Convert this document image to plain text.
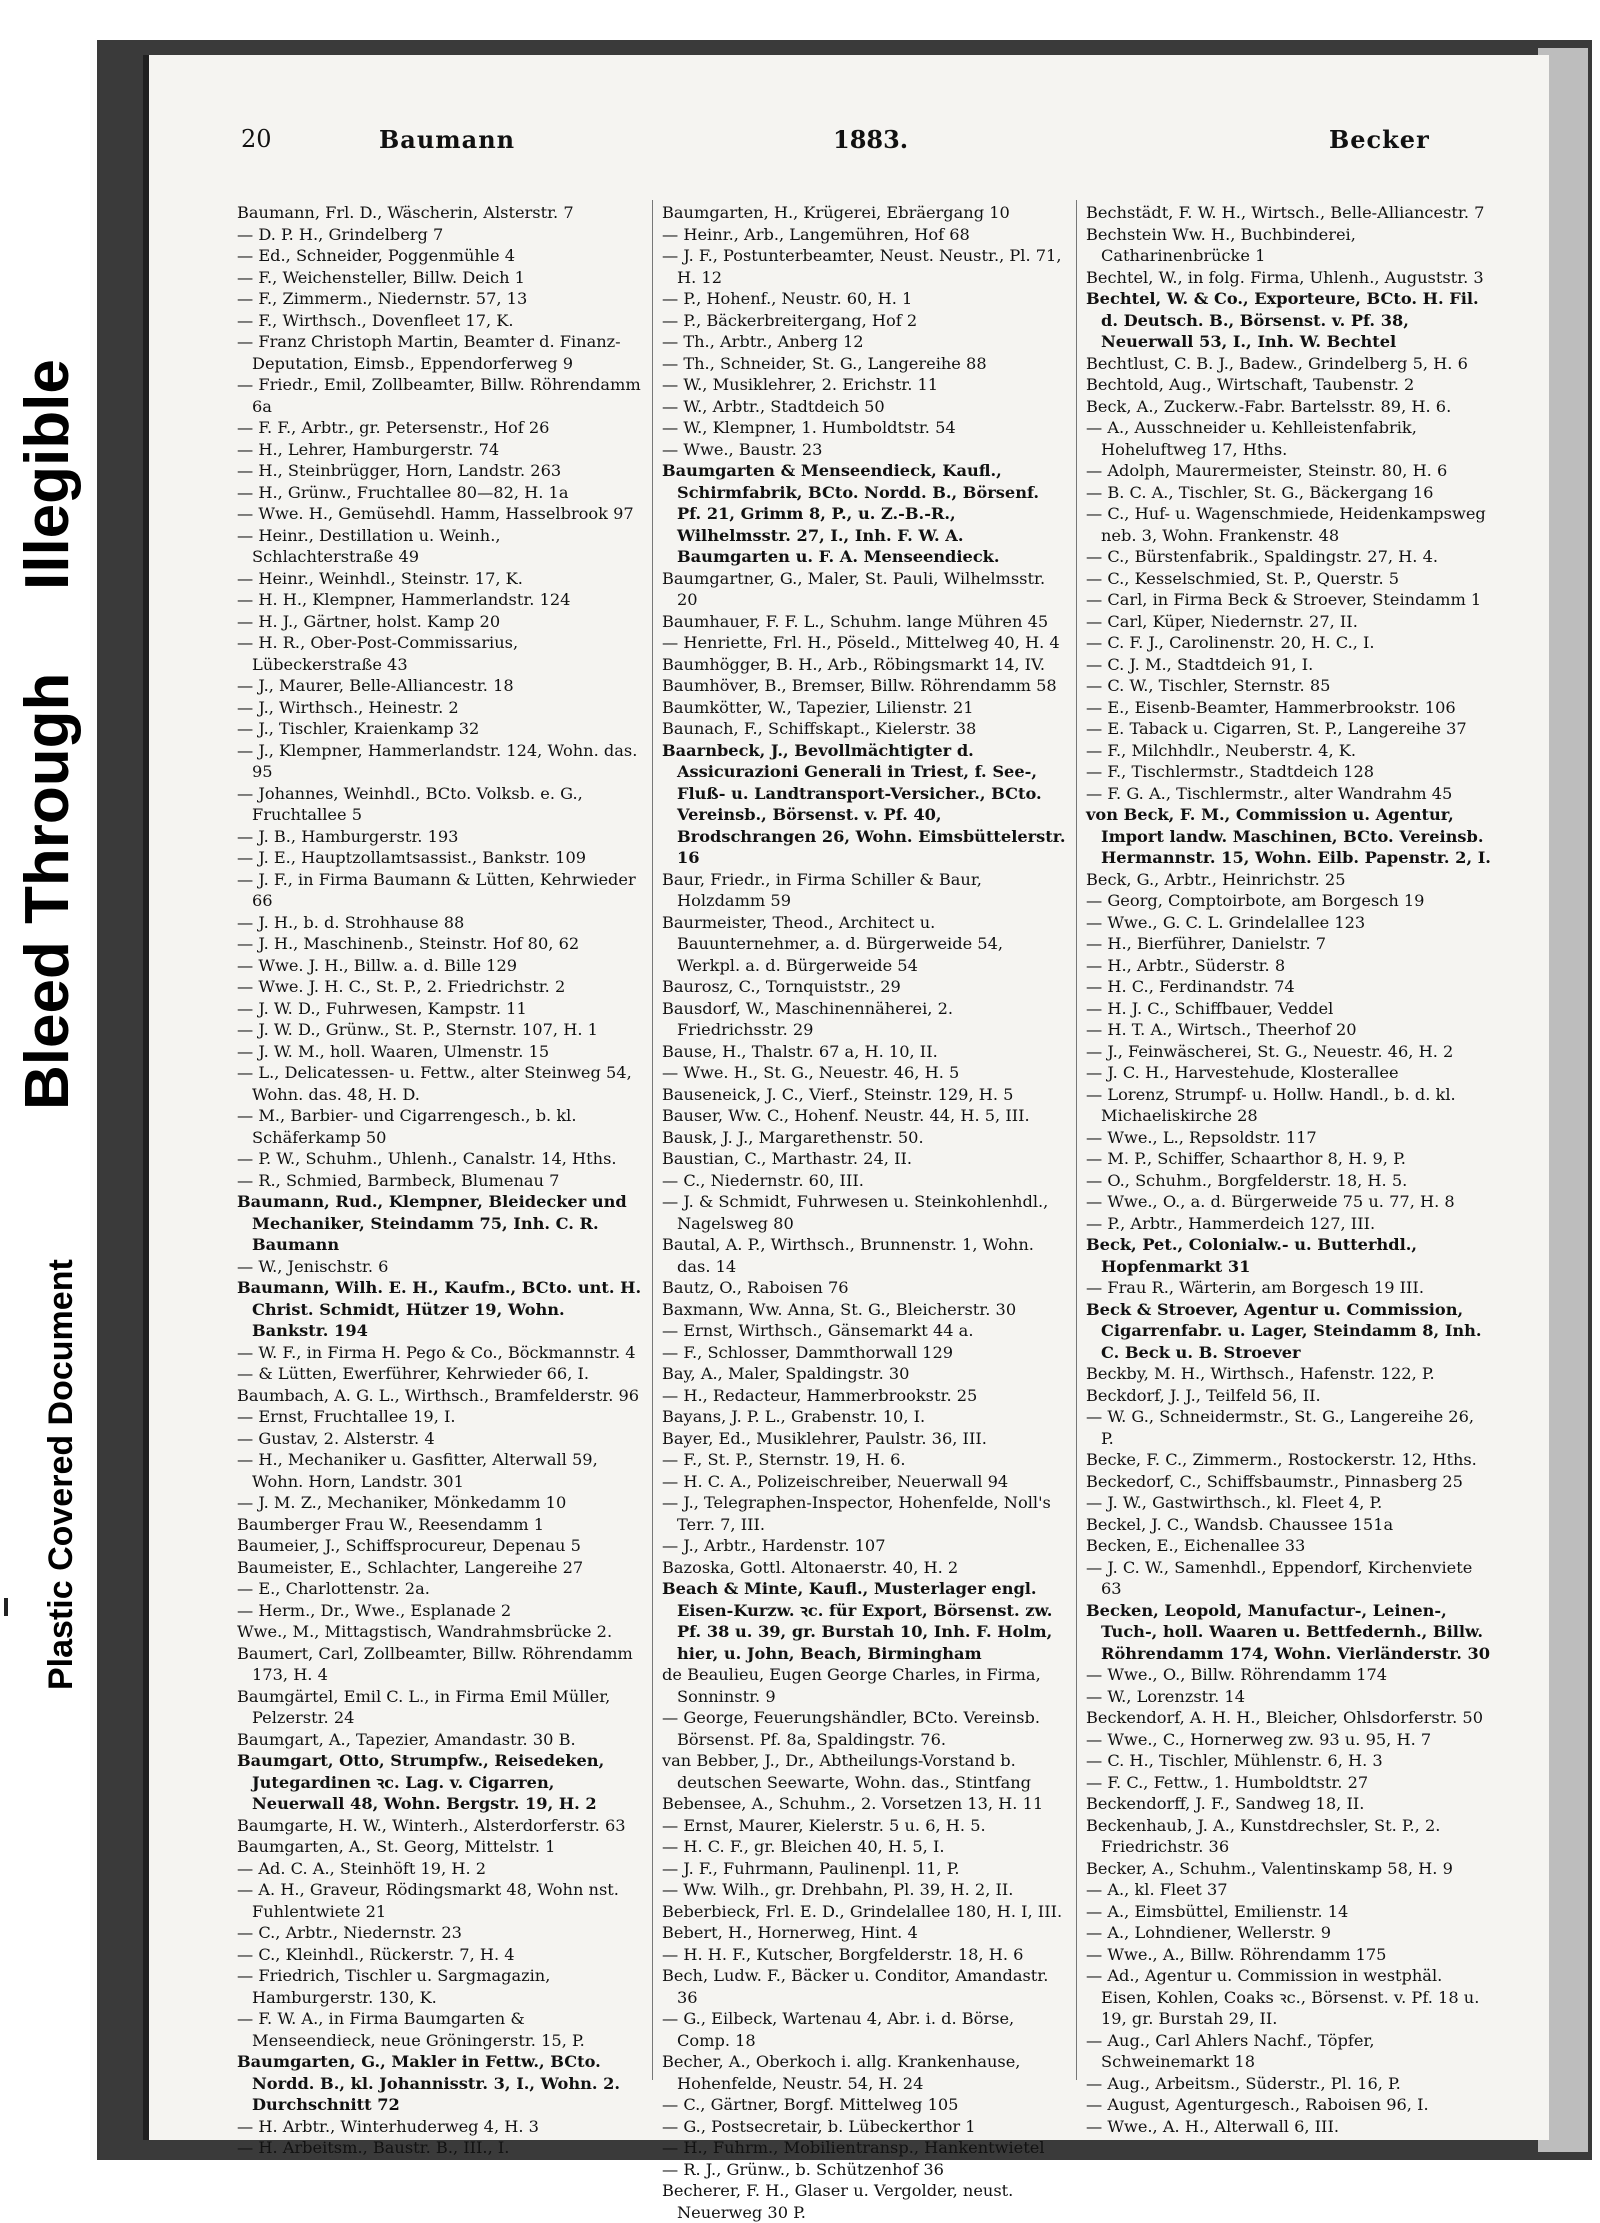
Plastic Covered Document
Bleed Through
Illegible
20	Baumann	1883.	Becker
Baumann, Frl. D., Wäscherin, Alsterstr. 7
— D. P. H., Grindelberg 7
— Ed., Schneider, Poggenmühle 4
— F., Weichensteller, Billw. Deich 1
— F., Zimmerm., Niedernstr. 57, 13
— F., Wirthsch., Dovenfleet 17, K.
— Franz Christoph Martin, Beamter d. Finanz-Deputation, Eimsb., Eppendorferweg 9
— Friedr., Emil, Zollbeamter, Billw. Röhrendamm 6a
— F. F., Arbtr., gr. Petersenstr., Hof 26
— H., Lehrer, Hamburgerstr. 74
— H., Steinbrügger, Horn, Landstr. 263
— H., Grünw., Fruchtallee 80—82, H. 1a
— Wwe. H., Gemüsehdl. Hamm, Hasselbrook 97
— Heinr., Destillation u. Weinh., Schlachterstraße 49
— Heinr., Weinhdl., Steinstr. 17, K.
— H. H., Klempner, Hammerlandstr. 124
— H. J., Gärtner, holst. Kamp 20
— H. R., Ober-Post-Commissarius, Lübeckerstraße 43
— J., Maurer, Belle-Alliancestr. 18
— J., Wirthsch., Heinestr. 2
— J., Tischler, Kraienkamp 32
— J., Klempner, Hammerlandstr. 124, Wohn. das. 95
— Johannes, Weinhdl., BCto. Volksb. e. G., Fruchtallee 5
— J. B., Hamburgerstr. 193
— J. E., Hauptzollamtsassist., Bankstr. 109
— J. F., in Firma Baumann & Lütten, Kehrwieder 66
— J. H., b. d. Strohhause 88
— J. H., Maschinenb., Steinstr. Hof 80, 62
— Wwe. J. H., Billw. a. d. Bille 129
— Wwe. J. H. C., St. P., 2. Friedrichstr. 2
— J. W. D., Fuhrwesen, Kampstr. 11
— J. W. D., Grünw., St. P., Sternstr. 107, H. 1
— J. W. M., holl. Waaren, Ulmenstr. 15
— L., Delicatessen- u. Fettw., alter Steinweg 54, Wohn. das. 48, H. D.
— M., Barbier- und Cigarrengesch., b. kl. Schäferkamp 50
— P. W., Schuhm., Uhlenh., Canalstr. 14, Hths.
— R., Schmied, Barmbeck, Blumenau 7
Baumann, Rud., Klempner, Bleidecker und Mechaniker, Steindamm 75, Inh. C. R. Baumann
— W., Jenischstr. 6
Baumann, Wilh. E. H., Kaufm., BCto. unt. H. Christ. Schmidt, Hützer 19, Wohn. Bankstr. 194
— W. F., in Firma H. Pego & Co., Böckmannstr. 4
— & Lütten, Ewerführer, Kehrwieder 66, I.
Baumbach, A. G. L., Wirthsch., Bramfelderstr. 96
— Ernst, Fruchtallee 19, I.
— Gustav, 2. Alsterstr. 4
— H., Mechaniker u. Gasfitter, Alterwall 59, Wohn. Horn, Landstr. 301
— J. M. Z., Mechaniker, Mönkedamm 10
Baumberger Frau W., Reesendamm 1
Baumeier, J., Schiffsprocureur, Depenau 5
Baumeister, E., Schlachter, Langereihe 27
— E., Charlottenstr. 2a.
— Herm., Dr., Wwe., Esplanade 2
Wwe., M., Mittagstisch, Wandrahmsbrücke 2.
Baumert, Carl, Zollbeamter, Billw. Röhrendamm 173, H. 4
Baumgärtel, Emil C. L., in Firma Emil Müller, Pelzerstr. 24
Baumgart, A., Tapezier, Amandastr. 30 B.
Baumgart, Otto, Strumpfw., Reisedeken, Jutegardinen ꝛc. Lag. v. Cigarren, Neuerwall 48, Wohn. Bergstr. 19, H. 2
Baumgarte, H. W., Winterh., Alsterdorferstr. 63
Baumgarten, A., St. Georg, Mittelstr. 1
— Ad. C. A., Steinhöft 19, H. 2
— A. H., Graveur, Rödingsmarkt 48, Wohn nst. Fuhlentwiete 21
— C., Arbtr., Niedernstr. 23
— C., Kleinhdl., Rückerstr. 7, H. 4
— Friedrich, Tischler u. Sargmagazin, Hamburgerstr. 130, K.
— F. W. A., in Firma Baumgarten & Menseendieck, neue Gröningerstr. 15, P.
Baumgarten, G., Makler in Fettw., BCto. Nordd. B., kl. Johannisstr. 3, I., Wohn. 2. Durchschnitt 72
— H. Arbtr., Winterhuderweg 4, H. 3
— H. Arbeitsm., Baustr. B., III., I.
Baumgarten, H., Krügerei, Ebräergang 10
— Heinr., Arb., Langemühren, Hof 68
— J. F., Postunterbeamter, Neust. Neustr., Pl. 71, H. 12
— P., Hohenf., Neustr. 60, H. 1
— P., Bäckerbreitergang, Hof 2
— Th., Arbtr., Anberg 12
— Th., Schneider, St. G., Langereihe 88
— W., Musiklehrer, 2. Erichstr. 11
— W., Arbtr., Stadtdeich 50
— W., Klempner, 1. Humboldtstr. 54
— Wwe., Baustr. 23
Baumgarten & Menseendieck, Kaufl., Schirmfabrik, BCto. Nordd. B., Börsenf. Pf. 21, Grimm 8, P., u. Z.-B.-R., Wilhelmsstr. 27, I., Inh. F. W. A. Baumgarten u. F. A. Menseendieck.
Baumgartner, G., Maler, St. Pauli, Wilhelmsstr. 20
Baumhauer, F. F. L., Schuhm. lange Mühren 45
— Henriette, Frl. H., Pöseld., Mittelweg 40, H. 4
Baumhögger, B. H., Arb., Röbingsmarkt 14, IV.
Baumhöver, B., Bremser, Billw. Röhrendamm 58
Baumkötter, W., Tapezier, Lilienstr. 21
Baunach, F., Schiffskapt., Kielerstr. 38
Baarnbeck, J., Bevollmächtigter d. Assicurazioni Generali in Triest, f. See-, Fluß- u. Landtransport-Versicher., BCto. Vereinsb., Börsenst. v. Pf. 40, Brodschrangen 26, Wohn. Eimsbüttelerstr. 16
Baur, Friedr., in Firma Schiller & Baur, Holzdamm 59
Baurmeister, Theod., Architect u. Bauunternehmer, a. d. Bürgerweide 54, Werkpl. a. d. Bürgerweide 54
Baurosz, C., Tornquiststr., 29
Bausdorf, W., Maschinennäherei, 2. Friedrichsstr. 29
Bause, H., Thalstr. 67 a, H. 10, II.
— Wwe. H., St. G., Neuestr. 46, H. 5
Bauseneick, J. C., Vierf., Steinstr. 129, H. 5
Bauser, Ww. C., Hohenf. Neustr. 44, H. 5, III.
Bausk, J. J., Margarethenstr. 50.
Baustian, C., Marthastr. 24, II.
— C., Niedernstr. 60, III.
— J. & Schmidt, Fuhrwesen u. Steinkohlenhdl., Nagelsweg 80
Bautal, A. P., Wirthsch., Brunnenstr. 1, Wohn. das. 14
Bautz, O., Raboisen 76
Baxmann, Ww. Anna, St. G., Bleicherstr. 30
— Ernst, Wirthsch., Gänsemarkt 44 a.
— F., Schlosser, Dammthorwall 129
Bay, A., Maler, Spaldingstr. 30
— H., Redacteur, Hammerbrookstr. 25
Bayans, J. P. L., Grabenstr. 10, I.
Bayer, Ed., Musiklehrer, Paulstr. 36, III.
— F., St. P., Sternstr. 19, H. 6.
— H. C. A., Polizeischreiber, Neuerwall 94
— J., Telegraphen-Inspector, Hohenfelde, Noll's Terr. 7, III.
— J., Arbtr., Hardenstr. 107
Bazoska, Gottl. Altonaerstr. 40, H. 2
Beach & Minte, Kaufl., Musterlager engl. Eisen-Kurzw. ꝛc. für Export, Börsenst. zw. Pf. 38 u. 39, gr. Burstah 10, Inh. F. Holm, hier, u. John, Beach, Birmingham
de Beaulieu, Eugen George Charles, in Firma, Sonninstr. 9
— George, Feuerungshändler, BCto. Vereinsb. Börsenst. Pf. 8a, Spaldingstr. 76.
van Bebber, J., Dr., Abtheilungs-Vorstand b. deutschen Seewarte, Wohn. das., Stintfang
Bebensee, A., Schuhm., 2. Vorsetzen 13, H. 11
— Ernst, Maurer, Kielerstr. 5 u. 6, H. 5.
— H. C. F., gr. Bleichen 40, H. 5, I.
— J. F., Fuhrmann, Paulinenpl. 11, P.
— Ww. Wilh., gr. Drehbahn, Pl. 39, H. 2, II.
Beberbieck, Frl. E. D., Grindelallee 180, H. I, III.
Bebert, H., Hornerweg, Hint. 4
— H. H. F., Kutscher, Borgfelderstr. 18, H. 6
Bech, Ludw. F., Bäcker u. Conditor, Amandastr. 36
— G., Eilbeck, Wartenau 4, Abr. i. d. Börse, Comp. 18
Becher, A., Oberkoch i. allg. Krankenhause, Hohenfelde, Neustr. 54, H. 24
— C., Gärtner, Borgf. Mittelweg 105
— G., Postsecretair, b. Lübeckerthor 1
— H., Fuhrm., Mobilientransp., Hankentwietel
— R. J., Grünw., b. Schützenhof 36
Becherer, F. H., Glaser u. Vergolder, neust. Neuerweg 30 P.
Bechstädt, F. W. H., Wirtsch., Belle-Alliancestr. 7
Bechstein Ww. H., Buchbinderei, Catharinenbrücke 1
Bechtel, W., in folg. Firma, Uhlenh., Auguststr. 3
Bechtel, W. & Co., Exporteure, BCto. H. Fil. d. Deutsch. B., Börsenst. v. Pf. 38, Neuerwall 53, I., Inh. W. Bechtel
Bechtlust, C. B. J., Badew., Grindelberg 5, H. 6
Bechtold, Aug., Wirtschaft, Taubenstr. 2
Beck, A., Zuckerw.-Fabr. Bartelsstr. 89, H. 6.
— A., Ausschneider u. Kehlleistenfabrik, Hoheluftweg 17, Hths.
— Adolph, Maurermeister, Steinstr. 80, H. 6
— B. C. A., Tischler, St. G., Bäckergang 16
— C., Huf- u. Wagenschmiede, Heidenkampsweg neb. 3, Wohn. Frankenstr. 48
— C., Bürstenfabrik., Spaldingstr. 27, H. 4.
— C., Kesselschmied, St. P., Querstr. 5
— Carl, in Firma Beck & Stroever, Steindamm 1
— Carl, Küper, Niedernstr. 27, II.
— C. F. J., Carolinenstr. 20, H. C., I.
— C. J. M., Stadtdeich 91, I.
— C. W., Tischler, Sternstr. 85
— E., Eisenb-Beamter, Hammerbrookstr. 106
— E. Taback u. Cigarren, St. P., Langereihe 37
— F., Milchhdlr., Neuberstr. 4, K.
— F., Tischlermstr., Stadtdeich 128
— F. G. A., Tischlermstr., alter Wandrahm 45
von Beck, F. M., Commission u. Agentur, Import landw. Maschinen, BCto. Vereinsb. Hermannstr. 15, Wohn. Eilb. Papenstr. 2, I.
Beck, G., Arbtr., Heinrichstr. 25
— Georg, Comptoirbote, am Borgesch 19
— Wwe., G. C. L. Grindelallee 123
— H., Bierführer, Danielstr. 7
— H., Arbtr., Süderstr. 8
— H. C., Ferdinandstr. 74
— H. J. C., Schiffbauer, Veddel
— H. T. A., Wirtsch., Theerhof 20
— J., Feinwäscherei, St. G., Neuestr. 46, H. 2
— J. C. H., Harvestehude, Klosterallee
— Lorenz, Strumpf- u. Hollw. Handl., b. d. kl. Michaeliskirche 28
— Wwe., L., Repsoldstr. 117
— M. P., Schiffer, Schaarthor 8, H. 9, P.
— O., Schuhm., Borgfelderstr. 18, H. 5.
— Wwe., O., a. d. Bürgerweide 75 u. 77, H. 8
— P., Arbtr., Hammerdeich 127, III.
Beck, Pet., Colonialw.- u. Butterhdl., Hopfenmarkt 31
— Frau R., Wärterin, am Borgesch 19 III.
Beck & Stroever, Agentur u. Commission, Cigarrenfabr. u. Lager, Steindamm 8, Inh. C. Beck u. B. Stroever
Beckby, M. H., Wirthsch., Hafenstr. 122, P.
Beckdorf, J. J., Teilfeld 56, II.
— W. G., Schneidermstr., St. G., Langereihe 26, P.
Becke, F. C., Zimmerm., Rostockerstr. 12, Hths.
Beckedorf, C., Schiffsbaumstr., Pinnasberg 25
— J. W., Gastwirthsch., kl. Fleet 4, P.
Beckel, J. C., Wandsb. Chaussee 151a
Becken, E., Eichenallee 33
— J. C. W., Samenhdl., Eppendorf, Kirchenviete 63
Becken, Leopold, Manufactur-, Leinen-, Tuch-, holl. Waaren u. Bettfedernh., Billw. Röhrendamm 174, Wohn. Vierländerstr. 30
— Wwe., O., Billw. Röhrendamm 174
— W., Lorenzstr. 14
Beckendorf, A. H. H., Bleicher, Ohlsdorferstr. 50
— Wwe., C., Hornerweg zw. 93 u. 95, H. 7
— C. H., Tischler, Mühlenstr. 6, H. 3
— F. C., Fettw., 1. Humboldtstr. 27
Beckendorff, J. F., Sandweg 18, II.
Beckenhaub, J. A., Kunstdrechsler, St. P., 2. Friedrichstr. 36
Becker, A., Schuhm., Valentinskamp 58, H. 9
— A., kl. Fleet 37
— A., Eimsbüttel, Emilienstr. 14
— A., Lohndiener, Wellerstr. 9
— Wwe., A., Billw. Röhrendamm 175
— Ad., Agentur u. Commission in westphäl. Eisen, Kohlen, Coaks ꝛc., Börsenst. v. Pf. 18 u. 19, gr. Burstah 29, II.
— Aug., Carl Ahlers Nachf., Töpfer, Schweinemarkt 18
— Aug., Arbeitsm., Süderstr., Pl. 16, P.
— August, Agenturgesch., Raboisen 96, I.
— Wwe., A. H., Alterwall 6, III.
